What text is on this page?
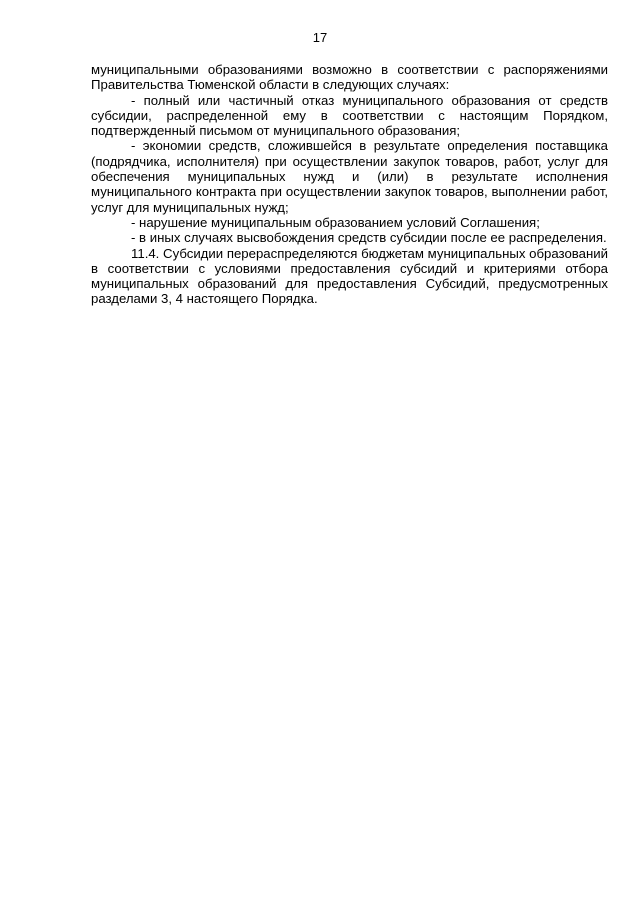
17

муниципальными образованиями возможно в соответствии с распоряжениями Правительства Тюменской области в следующих случаях:

- полный или частичный отказ муниципального образования от средств субсидии, распределенной ему в соответствии с настоящим Порядком, подтвержденный письмом от муниципального образования;

- экономии средств, сложившейся в результате определения поставщика (подрядчика, исполнителя) при осуществлении закупок товаров, работ, услуг для обеспечения муниципальных нужд и (или) в результате исполнения муниципального контракта при осуществлении закупок товаров, выполнении работ, услуг для муниципальных нужд;

- нарушение муниципальным образованием условий Соглашения;

- в иных случаях высвобождения средств субсидии после ее распределения.

11.4. Субсидии перераспределяются бюджетам муниципальных образований в соответствии с условиями предоставления субсидий и критериями отбора муниципальных образований для предоставления Субсидий, предусмотренных разделами 3, 4 настоящего Порядка.
